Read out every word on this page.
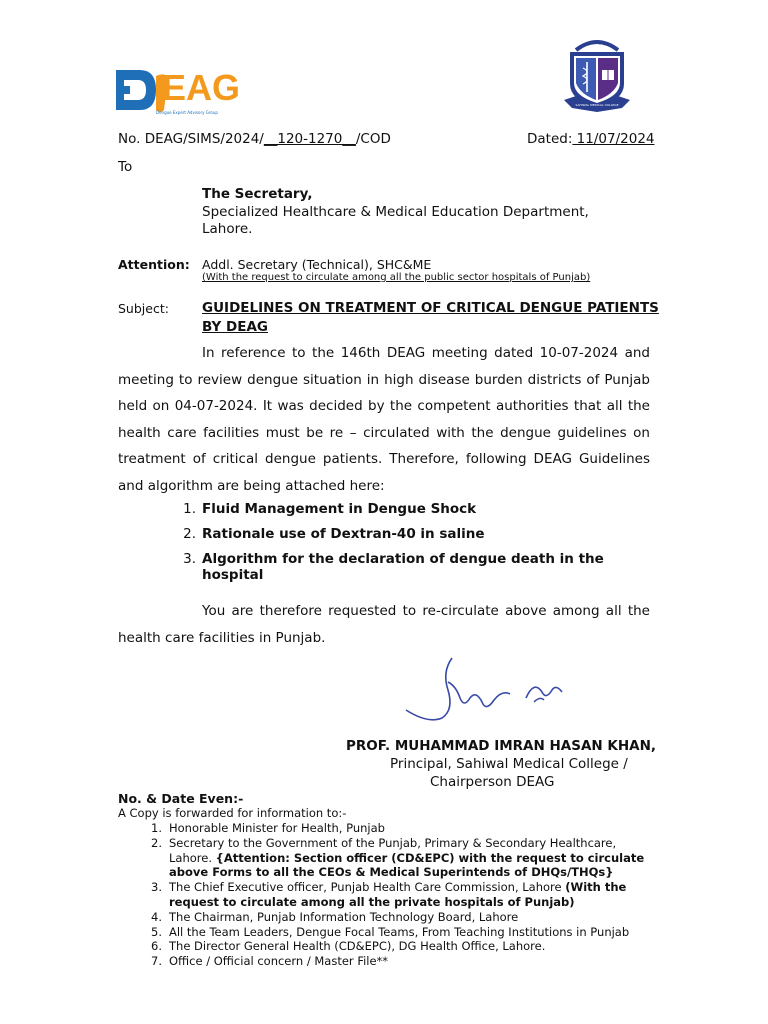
EAG
Dengue Expert Advisory Group
SAHIWAL MEDICAL COLLEGE
No. DEAG/SIMS/2024/__120-1270__/COD	Dated: 11/07/2024
To
The Secretary,
Specialized Healthcare & Medical Education Department,
Lahore.
Attention: Addl. Secretary (Technical), SHC&ME
(With the request to circulate among all the public sector hospitals of Punjab)
Subject: GUIDELINES ON TREATMENT OF CRITICAL DENGUE PATIENTS
BY DEAG
In reference to the 146th DEAG meeting dated 10-07-2024 and meeting to review dengue situation in high disease burden districts of Punjab held on 04-07-2024. It was decided by the competent authorities that all the health care facilities must be re – circulated with the dengue guidelines on treatment of critical dengue patients. Therefore, following DEAG Guidelines and algorithm are being attached here:
1. Fluid Management in Dengue Shock
2. Rationale use of Dextran-40 in saline
3. Algorithm for the declaration of dengue death in the hospital
You are therefore requested to re-circulate above among all the health care facilities in Punjab.
PROF. MUHAMMAD IMRAN HASAN KHAN,
Principal, Sahiwal Medical College /
Chairperson DEAG
No. & Date Even:-
A Copy is forwarded for information to:-
1. Honorable Minister for Health, Punjab
2. Secretary to the Government of the Punjab, Primary & Secondary Healthcare, Lahore. {Attention: Section officer (CD&EPC) with the request to circulate above Forms to all the CEOs & Medical Superintends of DHQs/THQs}
3. The Chief Executive officer, Punjab Health Care Commission, Lahore (With the request to circulate among all the private hospitals of Punjab)
4. The Chairman, Punjab Information Technology Board, Lahore
5. All the Team Leaders, Dengue Focal Teams, From Teaching Institutions in Punjab
6. The Director General Health (CD&EPC), DG Health Office, Lahore.
7. Office / Official concern / Master File**
